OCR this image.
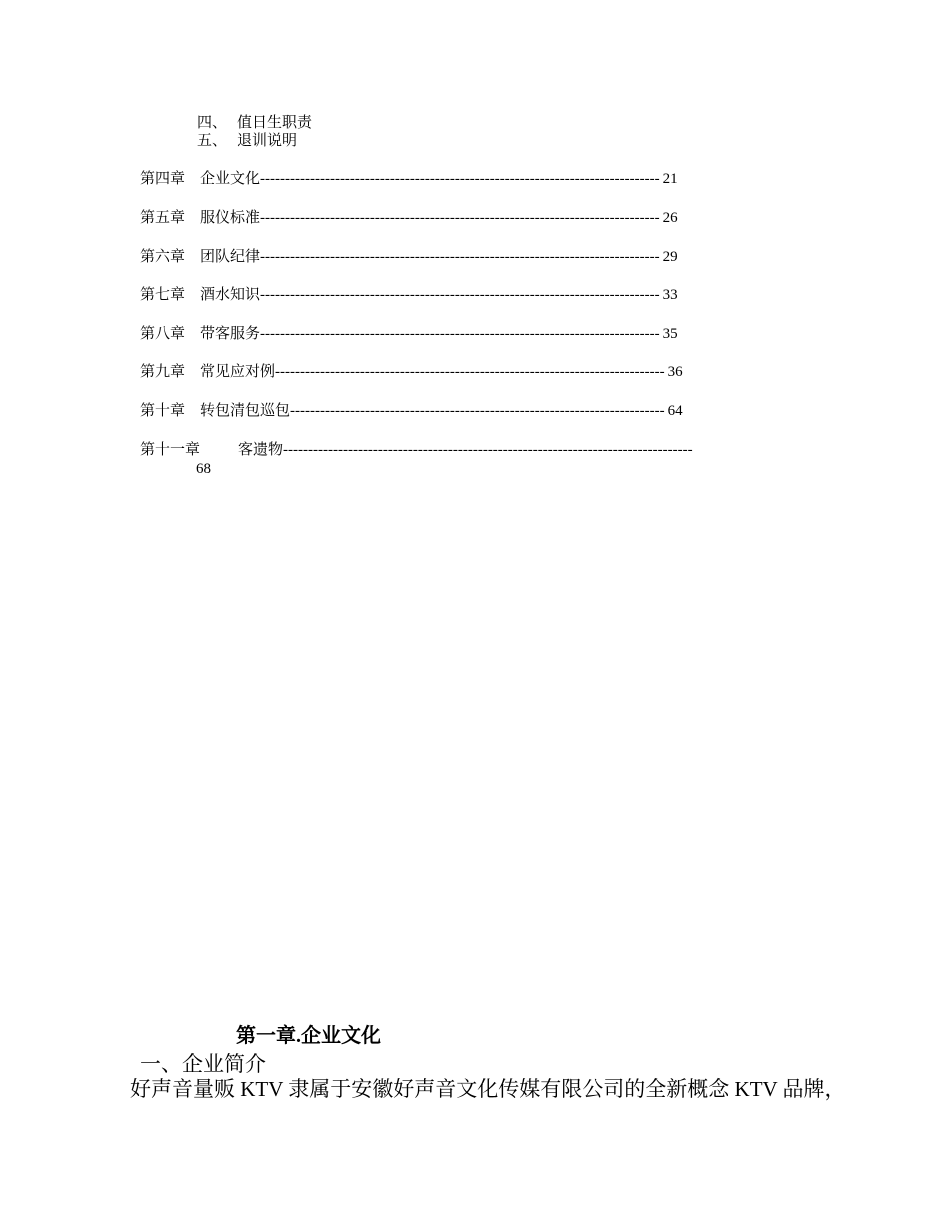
四、 值日生职责
五、 退训说明
第四章 企业文化-------------------------------------------------------------------------------- 21
第五章 服仪标准-------------------------------------------------------------------------------- 26
第六章 团队纪律-------------------------------------------------------------------------------- 29
第七章 酒水知识-------------------------------------------------------------------------------- 33
第八章 带客服务-------------------------------------------------------------------------------- 35
第九章 常见应对例------------------------------------------------------------------------------ 36
第十章 转包清包巡包--------------------------------------------------------------------------- 64
第十一章	客遗物----------------------------------------------------------------------------------
68
第一章.企业文化
一、企业简介
好声音量贩 KTV 隶属于安徽好声音文化传媒有限公司的全新概念 KTV 品牌，
